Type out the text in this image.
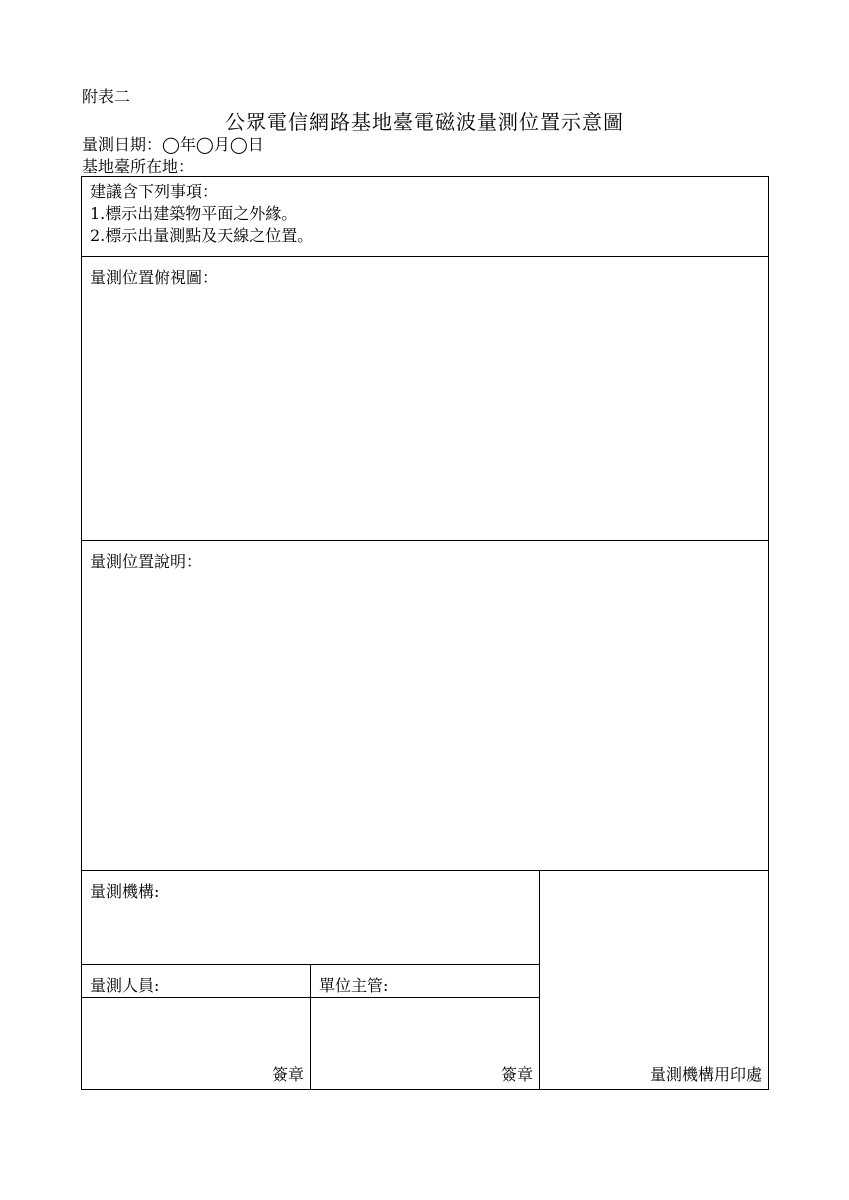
附表二
公眾電信網路基地臺電磁波量測位置示意圖
量測日期：◯年◯月◯日
基地臺所在地：
建議含下列事項：
1.標示出建築物平面之外緣。
2.標示出量測點及天線之位置。
量測位置俯視圖：
量測位置說明：
量測機構:
量測人員:	單位主管:
簽章	簽章	量測機構用印處
